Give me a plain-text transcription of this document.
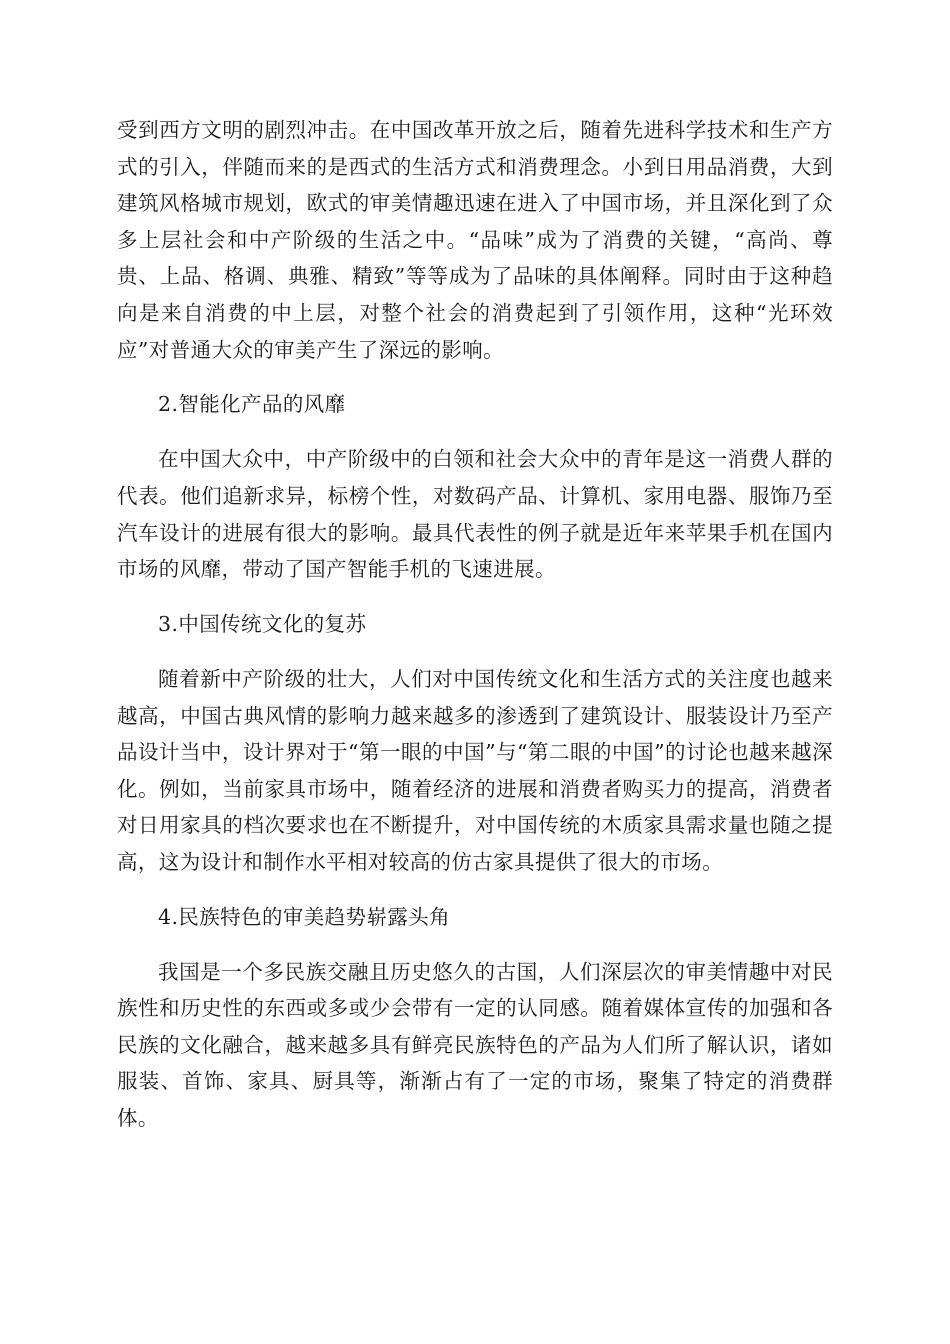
受到西方文明的剧烈冲击。在中国改革开放之后，随着先进科学技术和生产方式的引入，伴随而来的是西式的生活方式和消费理念。小到日用品消费，大到建筑风格城市规划，欧式的审美情趣迅速在进入了中国市场，并且深化到了众多上层社会和中产阶级的生活之中。“品味”成为了消费的关键，“高尚、尊贵、上品、格调、典雅、精致”等等成为了品味的具体阐释。同时由于这种趋向是来自消费的中上层，对整个社会的消费起到了引领作用，这种“光环效应”对普通大众的审美产生了深远的影响。

2.智能化产品的风靡

在中国大众中，中产阶级中的白领和社会大众中的青年是这一消费人群的代表。他们追新求异，标榜个性，对数码产品、计算机、家用电器、服饰乃至汽车设计的进展有很大的影响。最具代表性的例子就是近年来苹果手机在国内市场的风靡，带动了国产智能手机的飞速进展。

3.中国传统文化的复苏

随着新中产阶级的壮大，人们对中国传统文化和生活方式的关注度也越来越高，中国古典风情的影响力越来越多的渗透到了建筑设计、服装设计乃至产品设计当中，设计界对于“第一眼的中国”与“第二眼的中国”的讨论也越来越深化。例如，当前家具市场中，随着经济的进展和消费者购买力的提高，消费者对日用家具的档次要求也在不断提升，对中国传统的木质家具需求量也随之提高，这为设计和制作水平相对较高的仿古家具提供了很大的市场。

4.民族特色的审美趋势崭露头角

我国是一个多民族交融且历史悠久的古国，人们深层次的审美情趣中对民族性和历史性的东西或多或少会带有一定的认同感。随着媒体宣传的加强和各民族的文化融合，越来越多具有鲜亮民族特色的产品为人们所了解认识，诸如服装、首饰、家具、厨具等，渐渐占有了一定的市场，聚集了特定的消费群体。
